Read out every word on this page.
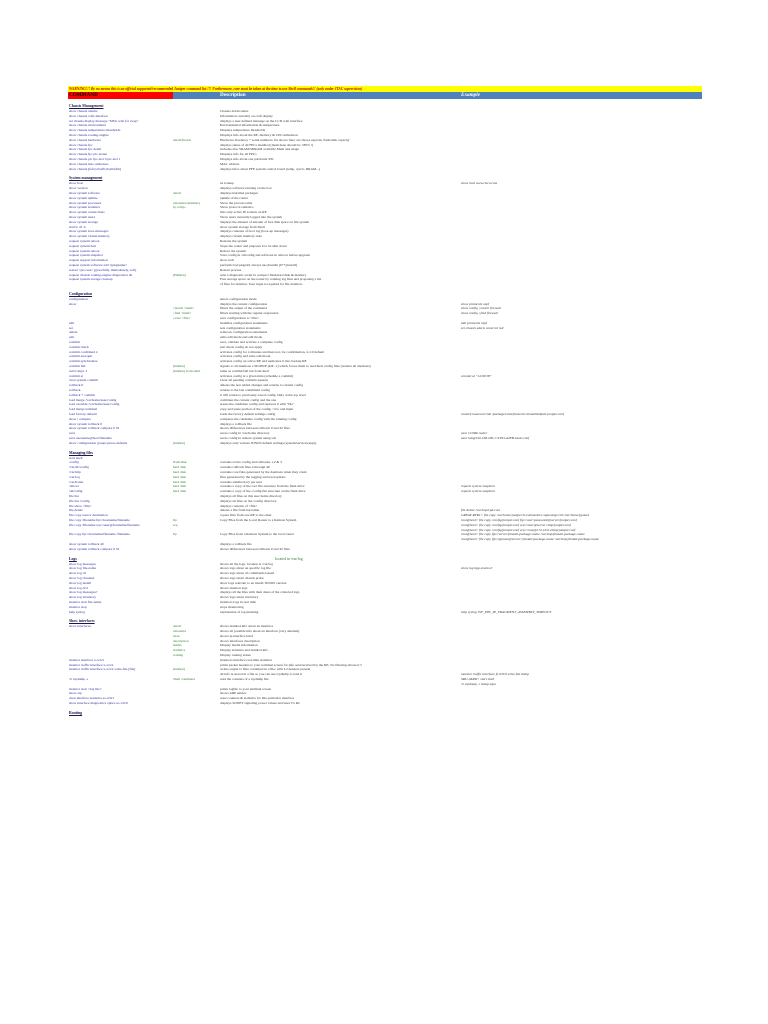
WARNING!!! By no means this is an official supported/recommended Juniper command list !!! Furthermore, care must be taken at the time to use Shell commands!! (only under JTAC supervision)
COMMAND	Description	Example
Chassis Management
show chassis alarms	Chassis alarm status
show chassis craft-interface	Information currently on craft display
set chassis display message "MSG wait for swap"	displays a user defined message on the LCD craft interface
show chassis environment	Environmental information & temperature
show chassis temperature-thresholds	Displays temperature thresholds
show chassis routing-engine	Displays info about the RE, memory & CPU utilization
show chassis hardware	detail/fru/ext	Hardware inventory + serial numbers, fru shows fans; ext shows eeprom, flash/disk capacity
show chassis fpc	displays status of all FPCs installed (mem heap should be <80% !)
show chassis fpc detail	includes also SRAM/SDRAM available Mem and usage
show chassis fpc pic-status	Displays info for all FPCs
show chassis pic fpc-slot 0 pic-slot 1	Displays info about one particular PIC
show chassis mac-addresses	MAC address
show chassis [fefc|scb|sfb|cb|sib|sfm]	displays infos about PFE system control board (temp, cpu%, DRAM...)
System management
show host	ns lookup	show host www.cisco.com
show version	displays software running on the box
show system software	detail	displays installed packages
show system uptime	uptime of the router
show system processes	extensive/summary	Show the process table
show system statistics	ip, icmp..	Show protocol statistics
show system connections	lists only active IP sockets on RE
show system users	Show users currently logged into the system
show system storage	displays the amount of amount of free disk space on file system
start% df -h	show system storage from Shell
show system boot-messages	displays contents of boot log (boot-up messages)
show system virtual-memory	displays current memory state
request system reboot	Restarts the system
request system halt	Stops the router and prepares it to be shut down
request system reboot	Reboot the system
request system snapshot	Save config in /altconfig and software in /altroot before upgrade
request support information	show tech
request system software add <jpkgname>	performs bsd pkgadd; always use jbundle (6+5 jinstall)
restart <process> [gracefully, immediately, soft]	Restart process
request chassis routing-engine diagnostics all	(Hidden)	runs a diagnostic script in compact flash,hard disk & memory
request system storage cleanup	Free storage space on the router by rotating log files and proposing a list
of files for deletion. User input is required for file deletion.
Configuration
configuration	enters configuration mode
show	displays the current configuration	show protocols ospf
| match <item>	filters the output of the command	show config | match firewall
| find <item>	filters starting with the regular expression	show config | find firewall
| save <file>	save configuration to <file>
edit	modifies configuration statements	edit protocols ospf
set	sets configuration statements	set chassis alarm sonet lol red
delete	removes configuration statements
exit	exits edit mode and edit mode
commit	save, validate and activate a complete config
commit check	just check config do not apply
commit confirmed x	activates config for x minutes and then not, for confirmation, x=10 default
commit and-quit	activates config and exits edit mode
commit synchronize	activates config on active RE and replicates it into backup RE
commit full	(hidden)	signals to all daemons a SIGHUP (kill -1) which forces them to read their config files (restarts all daemons)
run% mgd -I	(hidden) from shell	same as commit full but from shell
commit at	activates config at a given time (schedule a commit)	commit at "14:00:00"
clear system commit	Clear all pending commit requests
rollback 0	deletes the non added changes and returns to current config
rollback	returns to the last committed config
rollback + commit	it will return to previously saved config. Only at the top level
load merge /var/home/user/config	combines the current config and the one
load override /var/home/user/config	erases the candidate config and replaces it with "file"
load merge terminal	copy and paste portion of the config, ^d to end input
load factory-default	loads the factory default settings config	router# load override /packages/mnt/jbase/etc/install/default-juniper.conf
show | compare	compares the candidate config with the running config
show system rollback 0	displays a rollback file
show system rollback compare 0 32	shows differences between rollback 0 and 32 files
save	saves config in /var/home directory	save CONR-router
save username@host:filename	saves config in remote system using sch	save lab@192.168.200.1:/LED-AJEB-basic.conf
show configuration groups junos-defaults	(hidden)	displays only various JUNOS default settings (system/services/apps)
Managing files
start shell
/config	flash/disk	contains active config and rollbacks 1,2 & 3
/var/db/config	hard disk	contains rollback files 4 through 49
/var/tmp	hard disk	contains core files generated by the daemons when they crash
/var/log	hard disk	files generated by the logging and traceoptions
/var/home	hard disk	contains subdirectory per user
/altroot	hard disk	contains a copy of the root file structure from the flash drive	request system snapshot
/altconfig	hard disk	contains a copy of the /config file structure on the flash drive	request system snapshot
file list	displays all files on this user home directory
file list /config	displays all files on the /config directory
file show <file>	displays contents of <file>
file delete	deletes a file from hard disk	file delete /var/tmp/rpd.core
file copy source destination	copies files from one RE to the other	GREAT-RTR1> file copy /var/home/juniper/0.2-domestics-signed.tgz re0:/var/home/jgomez
file copy /filename ftp://hostname/filename	ftp	Copy Files from the Local Router to a Remote System	root@host> file copy /config/juniper.conf ftp://user:password@server/juniper.conf
file copy /filename scp://user@hostname/filename	scp	root@host> file copy /config/juniper.conf scp://user@server:/tmp/juniper.conf
root@host> file copy /config/juniper.conf scp://root@172.16.0.2/tmp/juniper.conf
file copy ftp://hostname/filename /filename	ftp	Copy Files from a Remote System to the local router	root@host> file copy ftp://server/jinstall-package-name /var/tmp/jinstall-package-name
root@host> file copy ftp://jgomez@server:/jinstall-package-name /var/tmp/jinstall-package-name
show system rollback 40	displays a rollback file
show system rollback compare 0 32	shows differences between rollback 0 and 32 files
Logs	located in /var/log
show log messages	shows all the logs, location is /var/log
show log file-name	shows logs about an specific log file	show log bgp-events.0
show log cli	shows logs about cli commands issued
show log chassisd	shows logs about chassis probe
show log install	show logs relevant to an install JUNOS version
show log dcd	shows daemon logs
show log messages?	displays all the files with their dates of the collected logs
show log inventory	shows logs about inventory
monitor start file-name	monitors logs in real time
monitor stop	stops monitoring
help syslog	explanation of log meaning	help syslog JSF_EIW_IP_FRAGMENT_ASSEMBLY_TIMEOUT
Show interfaces
show interfaces	detail	shows detailed info about an interface
extensive	shows all possible info about an interface (very detailed)
terse	shows ip interface brief
description	shows interfaces description
media	Display media information
statistics	Display statistics and detailed info
routing	Display routing status
monitor interface x-x/x/x	monitors interface real-time statistics
monitor traffic interface x-x/x/x	prints packet headers to your terminal screen for info sent/received by the RE. No filtering allowed !!
monitor traffic interface x-x/x/x write-file [file]	(hidden)	writes output to files contained in a file; with L2 headers present
all info is stored in a file so you can use tcpdump to read it	monitor traffic interface fe-0/0/0 write-file dump
% tcpdump -r	Shell command	read the contents of a tcpdump file	SRU-AM06> start shell
% tcpdump -r dump.tcpa
monitor start <log file>	prints logfile to your terminal screen
show arp	shows ARP entries
clear interface statistics so-2/0/1	reset counters & statistics for this particular interface
show interface diagnostics optics so-1/0/0	displays SONET signaling power values and laser Tx Rx
Routing
